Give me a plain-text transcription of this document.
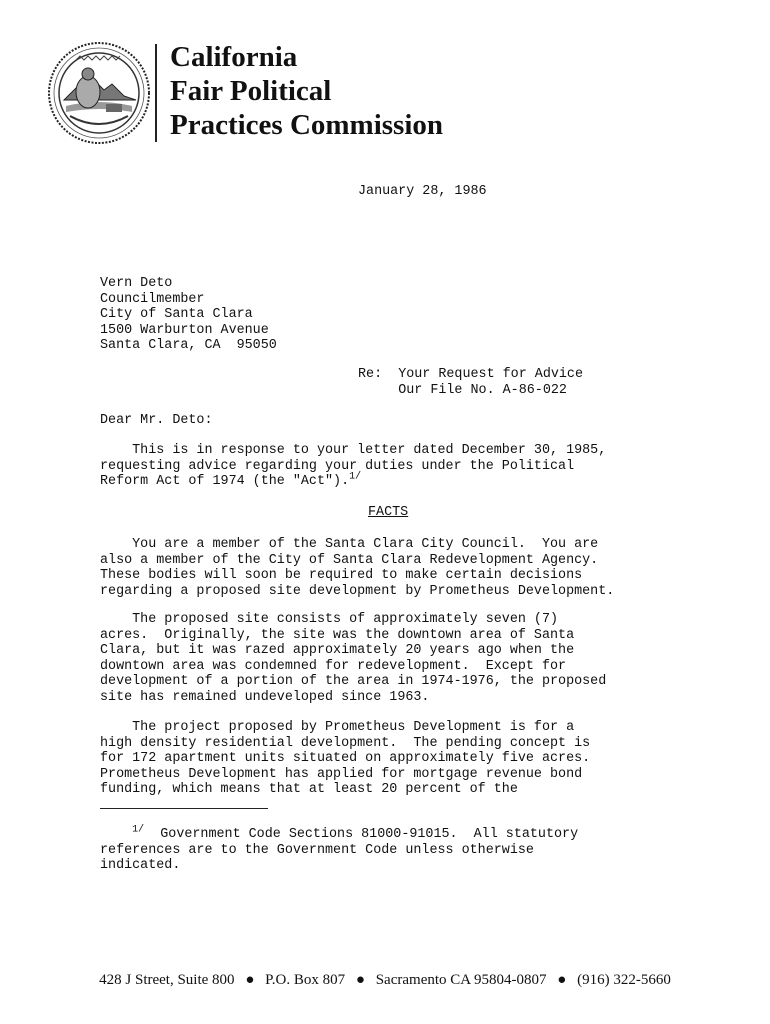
California
Fair Political
Practices Commission
January 28, 1986
Vern Deto
Councilmember
City of Santa Clara
1500 Warburton Avenue
Santa Clara, CA  95050
Re: Your Request for Advice
Our File No. A-86-022
Dear Mr. Deto:
This is in response to your letter dated December 30, 1985,
requesting advice regarding your duties under the Political
Reform Act of 1974 (the "Act").$^{1/}$
FACTS
You are a member of the Santa Clara City Council.  You are
also a member of the City of Santa Clara Redevelopment Agency.
These bodies will soon be required to make certain decisions
regarding a proposed site development by Prometheus Development.
The proposed site consists of approximately seven (7)
acres.  Originally, the site was the downtown area of Santa
Clara, but it was razed approximately 20 years ago when the
downtown area was condemned for redevelopment.  Except for
development of a portion of the area in 1974-1976, the proposed
site has remained undeveloped since 1963.
The project proposed by Prometheus Development is for a
high density residential development.  The pending concept is
for 172 apartment units situated on approximately five acres.
Prometheus Development has applied for mortgage revenue bond
funding, which means that at least 20 percent of the
$^{1/}$  Government Code Sections 81000-91015.  All statutory
references are to the Government Code unless otherwise
indicated.
428 J Street, Suite 800 ● P.O. Box 807 ● Sacramento CA 95804-0807 ● (916) 322-5660
